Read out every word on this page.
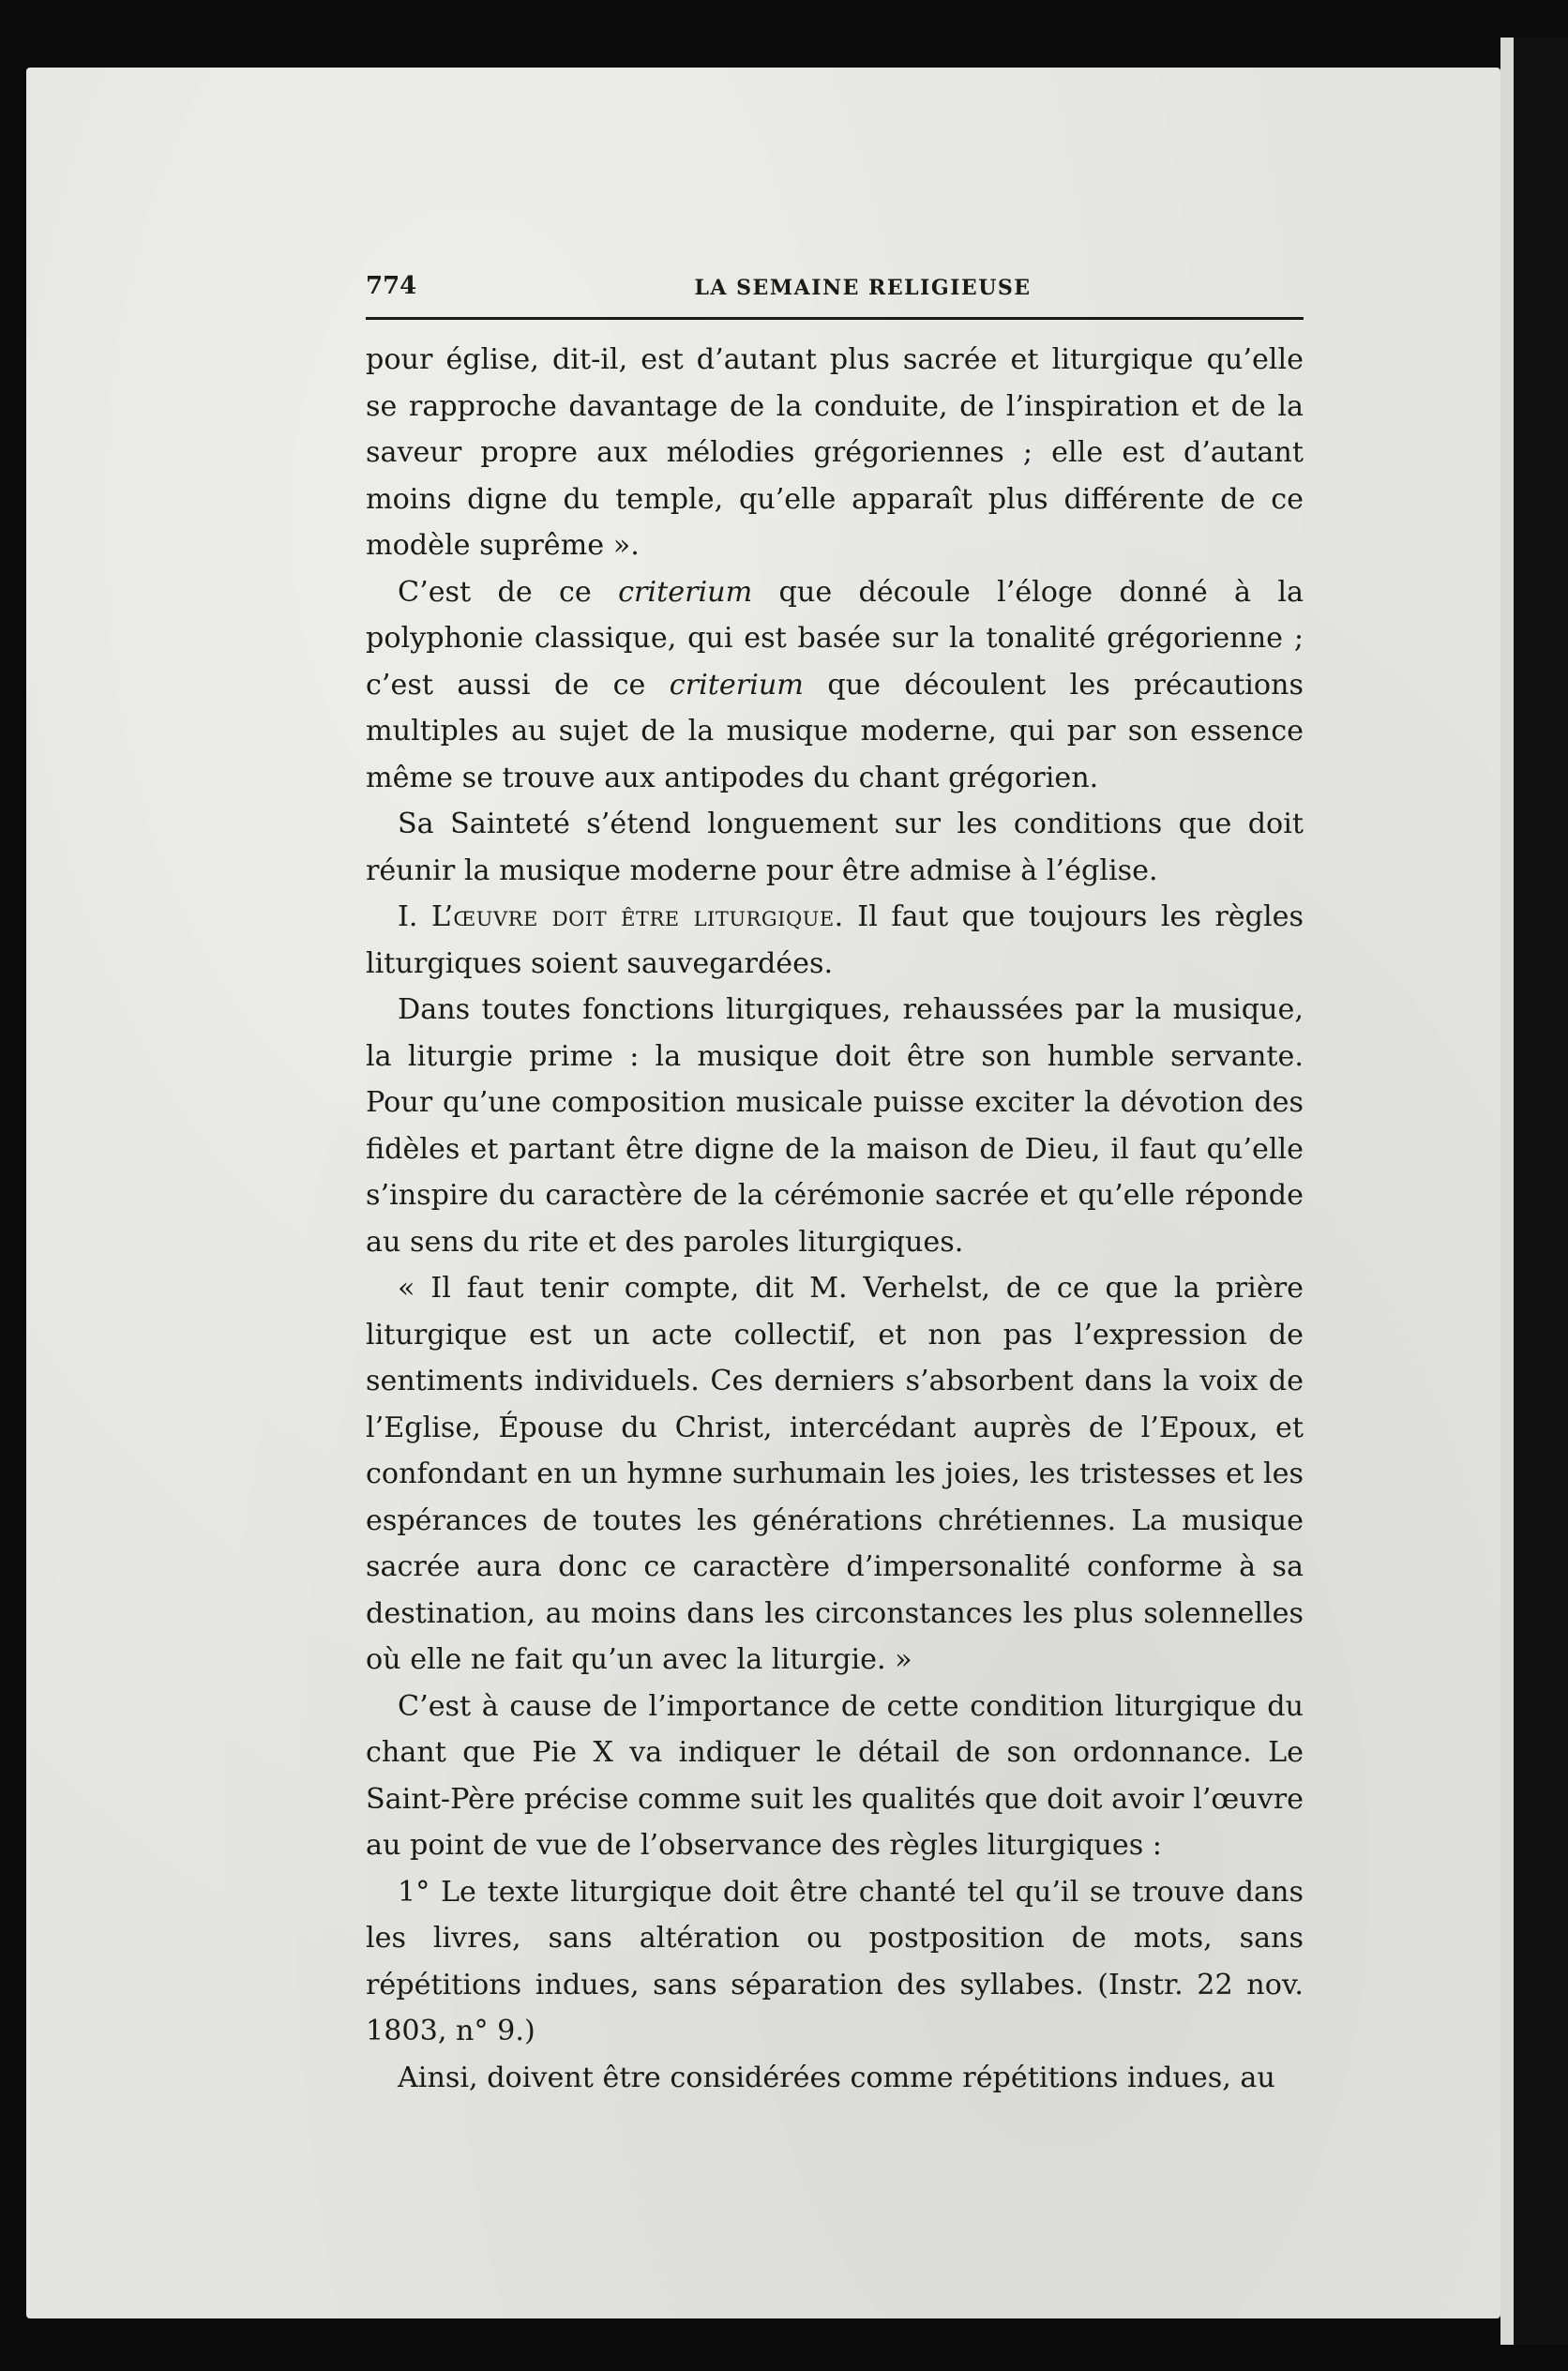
774	LA SEMAINE RELIGIEUSE

pour église, dit-il, est d’autant plus sacrée et liturgique qu’elle se rapproche davantage de la conduite, de l’inspiration et de la saveur propre aux mélodies grégoriennes ; elle est d’autant moins digne du temple, qu’elle apparaît plus différente de ce modèle suprême ».

C’est de ce criterium que découle l’éloge donné à la polyphonie classique, qui est basée sur la tonalité grégorienne ; c’est aussi de ce criterium que découlent les précautions multiples au sujet de la musique moderne, qui par son essence même se trouve aux antipodes du chant grégorien.

Sa Sainteté s’étend longuement sur les conditions que doit réunir la musique moderne pour être admise à l’église.

I. L’œuvre doit être liturgique. Il faut que toujours les règles liturgiques soient sauvegardées.

Dans toutes fonctions liturgiques, rehaussées par la musique, la liturgie prime : la musique doit être son humble servante. Pour qu’une composition musicale puisse exciter la dévotion des fidèles et partant être digne de la maison de Dieu, il faut qu’elle s’inspire du caractère de la cérémonie sacrée et qu’elle réponde au sens du rite et des paroles liturgiques.

« Il faut tenir compte, dit M. Verhelst, de ce que la prière liturgique est un acte collectif, et non pas l’expression de sentiments individuels. Ces derniers s’absorbent dans la voix de l’Eglise, Épouse du Christ, intercédant auprès de l’Epoux, et confondant en un hymne surhumain les joies, les tristesses et les espérances de toutes les générations chrétiennes. La musique sacrée aura donc ce caractère d’impersonalité conforme à sa destination, au moins dans les circonstances les plus solennelles où elle ne fait qu’un avec la liturgie. »

C’est à cause de l’importance de cette condition liturgique du chant que Pie X va indiquer le détail de son ordonnance. Le Saint-Père précise comme suit les qualités que doit avoir l’œuvre au point de vue de l’observance des règles liturgiques :

1° Le texte liturgique doit être chanté tel qu’il se trouve dans les livres, sans altération ou postposition de mots, sans répétitions indues, sans séparation des syllabes. (Instr. 22 nov. 1803, n° 9.)

Ainsi, doivent être considérées comme répétitions indues, au
